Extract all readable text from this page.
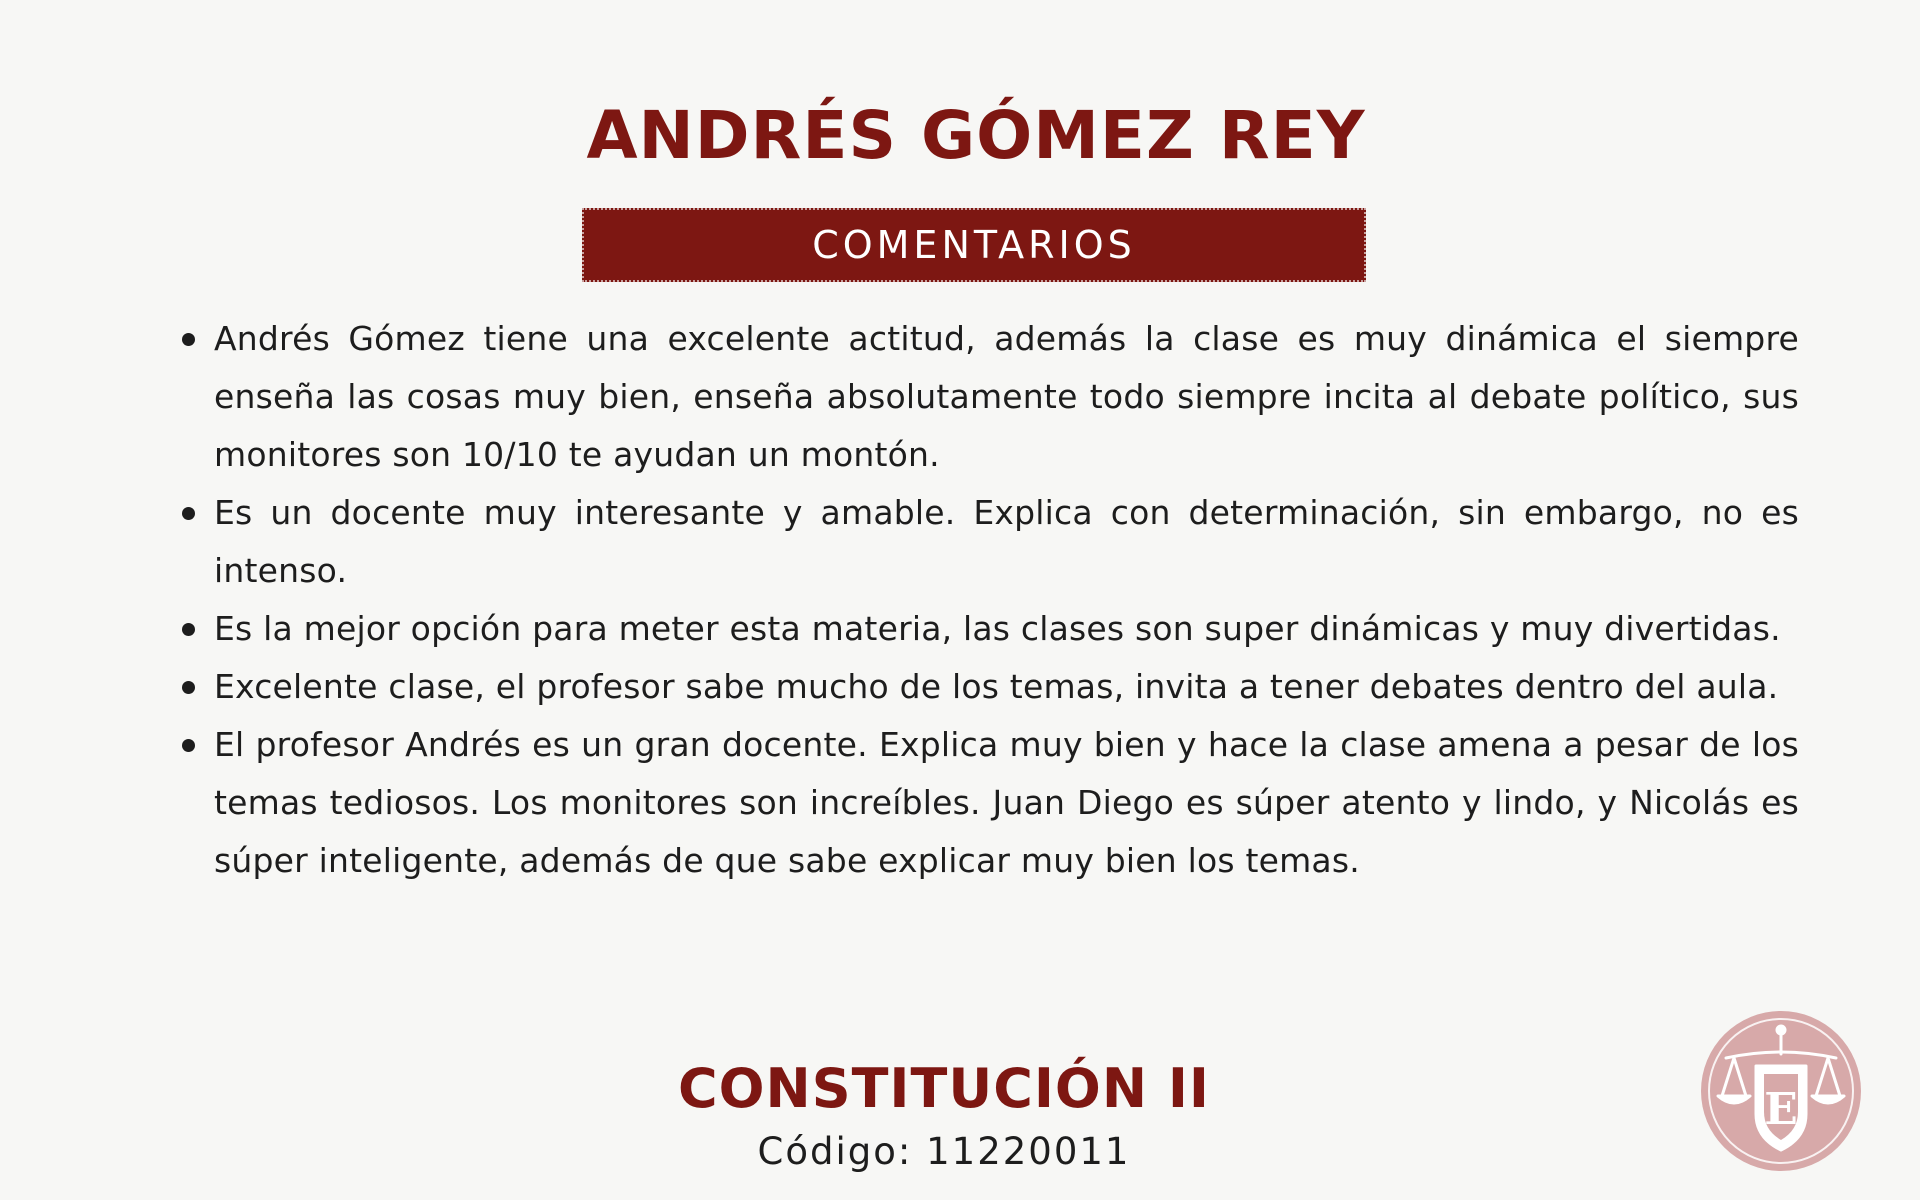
ANDRÉS GÓMEZ REY
COMENTARIOS
Andrés Gómez tiene una excelente actitud, además la clase es muy dinámica el siempre enseña las cosas muy bien, enseña absolutamente todo siempre incita al debate político, sus monitores son 10/10 te ayudan un montón.
Es un docente muy interesante y amable. Explica con determinación, sin embargo, no es intenso.
Es la mejor opción para meter esta materia, las clases son super dinámicas y muy divertidas.
Excelente clase, el profesor sabe mucho de los temas, invita a tener debates dentro del aula.
El profesor Andrés es un gran docente. Explica muy bien y hace la clase amena a pesar de los temas tediosos. Los monitores son increíbles. Juan Diego es súper atento y lindo, y Nicolás es súper inteligente, además de que sabe explicar muy bien los temas.
CONSTITUCIÓN II
Código: 11220011
E
